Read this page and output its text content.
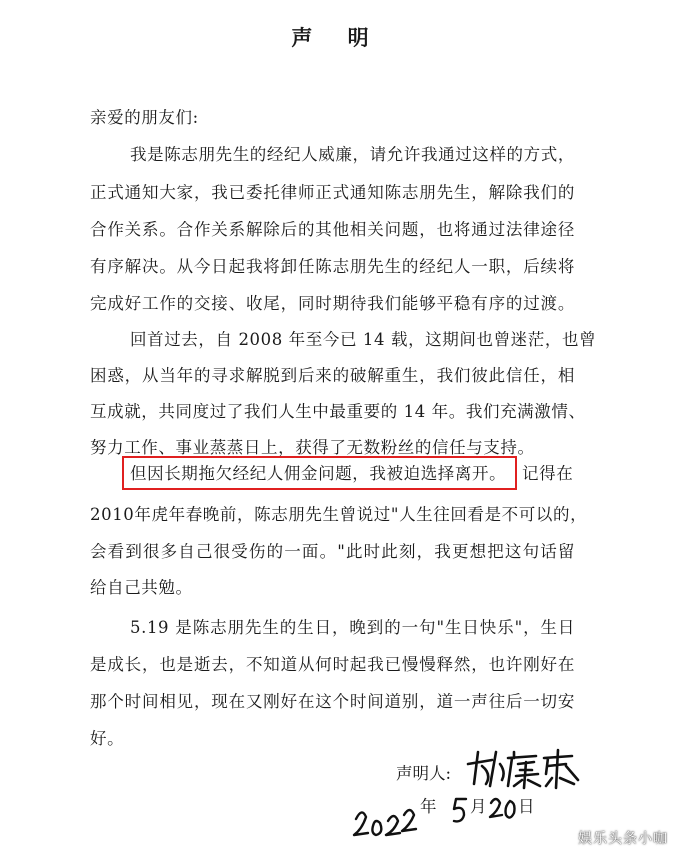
声 明
亲爱的朋友们:
我是陈志朋先生的经纪人威廉，请允许我通过这样的方式，
正式通知大家，我已委托律师正式通知陈志朋先生，解除我们的
合作关系。合作关系解除后的其他相关问题，也将通过法律途径
有序解决。从今日起我将卸任陈志朋先生的经纪人一职，后续将
完成好工作的交接、收尾，同时期待我们能够平稳有序的过渡。
回首过去，自 2008 年至今已 14 载，这期间也曾迷茫，也曾
困惑，从当年的寻求解脱到后来的破解重生，我们彼此信任，相
互成就，共同度过了我们人生中最重要的 14 年。我们充满激情、
努力工作、事业蒸蒸日上，获得了无数粉丝的信任与支持。
但因长期拖欠经纪人佣金问题，我被迫选择离开。 记得在
2010年虎年春晚前，陈志朋先生曾说过"人生往回看是不可以的，
会看到很多自己很受伤的一面。"此时此刻，我更想把这句话留
给自己共勉。
5.19 是陈志朋先生的生日，晚到的一句"生日快乐"，生日
是成长，也是逝去，不知道从何时起我已慢慢释然，也许刚好在
那个时间相见，现在又刚好在这个时间道别，道一声往后一切安
好。
声明人:
年 月 日
娱乐头条小咖
